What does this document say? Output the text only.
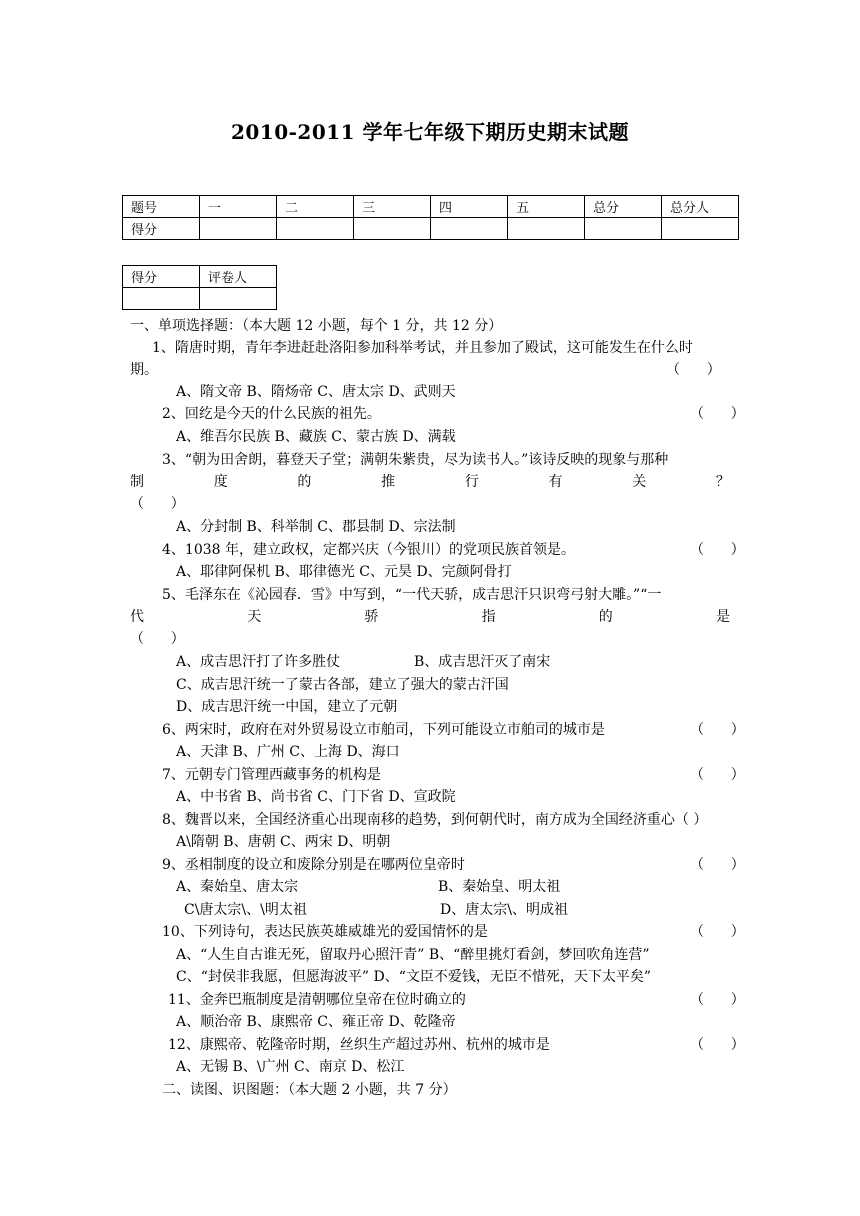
2010-2011 学年七年级下期历史期末试题
题号	一	二	三	四	五	总分	总分人
得分							
得分	评卷人

一、单项选择题：（本大题 12 小题，每个 1 分，共 12 分）
1、隋唐时期，青年李进赶赴洛阳参加科举考试，并且参加了殿试，这可能发生在什么时
期。	（      ）
A、隋文帝 B、隋炀帝 C、唐太宗 D、武则天
2、回纥是今天的什么民族的祖先。	（      ）
A、维吾尔民族 B、藏族 C、蒙古族 D、满载
3、“朝为田舍朗，暮登天子堂；满朝朱紫贵，尽为读书人。”该诗反映的现象与那种
制	度	的	推	行	有	关	？
（      ）
A、分封制 B、科举制 C、郡县制 D、宗法制
4、1038 年，建立政权，定都兴庆（今银川）的党项民族首领是。	（      ）
A、耶律阿保机 B、耶律德光 C、元昊 D、完颜阿骨打
5、毛泽东在《沁园春．雪》中写到，“一代天骄，成吉思汗只识弯弓射大雕。”“一
代	天	骄	指	的	是
（      ）
A、成吉思汗打了许多胜仗	B、成吉思汗灭了南宋
C、成吉思汗统一了蒙古各部，建立了强大的蒙古汗国
D、成吉思汗统一中国，建立了元朝
6、两宋时，政府在对外贸易设立市舶司，下列可能设立市舶司的城市是	（      ）
A、天津 B、广州 C、上海 D、海口
7、元朝专门管理西藏事务的机构是	（      ）
A、中书省 B、尚书省 C、门下省 D、宣政院
8、魏晋以来，全国经济重心出现南移的趋势，到何朝代时，南方成为全国经济重心（ ）
A\隋朝 B、唐朝 C、两宋 D、明朝
9、丞相制度的设立和废除分别是在哪两位皇帝时	（      ）
A、秦始皇、唐太宗	B、秦始皇、明太祖
C\唐太宗\、\明太祖	D、唐太宗\、明成祖
10、下列诗句，表达民族英雄威雄光的爱国情怀的是	（      ）
A、“人生自古谁无死，留取丹心照汗青” B、“醉里挑灯看剑，梦回吹角连营”
C、“封侯非我愿，但愿海波平” D、“文臣不爱钱，无臣不惜死，天下太平矣”
11、金奔巴瓶制度是清朝哪位皇帝在位时确立的	（      ）
A、顺治帝 B、康熙帝 C、雍正帝 D、乾隆帝
12、康熙帝、乾隆帝时期，丝织生产超过苏州、杭州的城市是	（      ）
A、无锡 B、\广州 C、南京 D、松江
二、读图、识图题：（本大题 2 小题，共 7 分）
